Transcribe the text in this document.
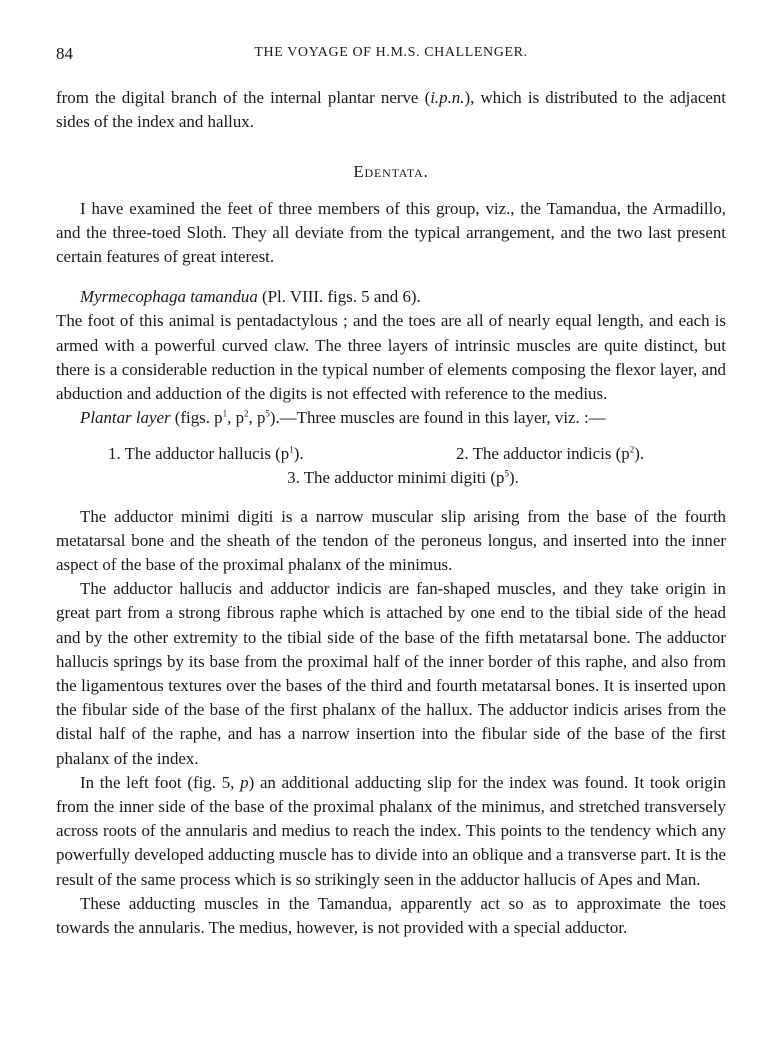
84	THE VOYAGE OF H.M.S. CHALLENGER.

from the digital branch of the internal plantar nerve (i.p.n.), which is distributed to the adjacent sides of the index and hallux.

Edentata.

I have examined the feet of three members of this group, viz., the Tamandua, the Armadillo, and the three-toed Sloth. They all deviate from the typical arrangement, and the two last present certain features of great interest.

Myrmecophaga tamandua (Pl. VIII. figs. 5 and 6).

The foot of this animal is pentadactylous ; and the toes are all of nearly equal length, and each is armed with a powerful curved claw. The three layers of intrinsic muscles are quite distinct, but there is a considerable reduction in the typical number of elements composing the flexor layer, and abduction and adduction of the digits is not effected with reference to the medius.

Plantar layer (figs. $p^1$, $p^2$, $p^5).—Three$ muscles are found in this layer, viz. :—

1. The adductor hallucis $(p^1)$.	2. The adductor indicis $(p^2)$.
3. The adductor minimi digiti $(p^5)$.

The adductor minimi digiti is a narrow muscular slip arising from the base of the fourth metatarsal bone and the sheath of the tendon of the peroneus longus, and inserted into the inner aspect of the base of the proximal phalanx of the minimus.

The adductor hallucis and adductor indicis are fan-shaped muscles, and they take origin in great part from a strong fibrous raphe which is attached by one end to the tibial side of the head and by the other extremity to the tibial side of the base of the fifth metatarsal bone. The adductor hallucis springs by its base from the proximal half of the inner border of this raphe, and also from the ligamentous textures over the bases of the third and fourth metatarsal bones. It is inserted upon the fibular side of the base of the first phalanx of the hallux. The adductor indicis arises from the distal half of the raphe, and has a narrow insertion into the fibular side of the base of the first phalanx of the index.

In the left foot (fig. 5, p) an additional adducting slip for the index was found. It took origin from the inner side of the base of the proximal phalanx of the minimus, and stretched transversely across roots of the annularis and medius to reach the index. This points to the tendency which any powerfully developed adducting muscle has to divide into an oblique and a transverse part. It is the result of the same process which is so strikingly seen in the adductor hallucis of Apes and Man.

These adducting muscles in the Tamandua, apparently act so as to approximate the toes towards the annularis. The medius, however, is not provided with a special adductor.
